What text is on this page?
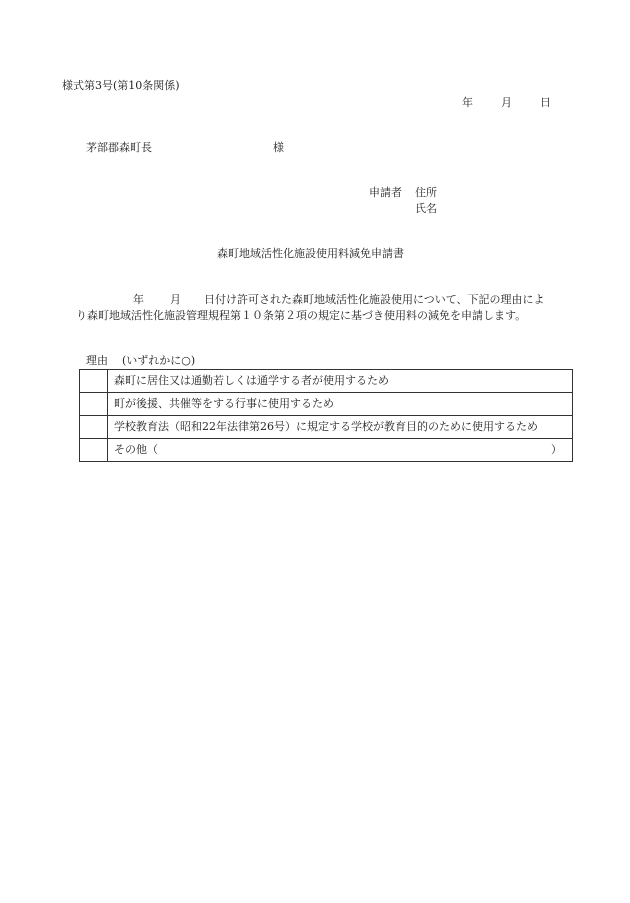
様式第3号(第10条関係)
年	月	日
茅部郡森町長	様
申請者 住所
氏名
森町地域活性化施設使用料減免申請書
年 月 日付け許可された森町地域活性化施設使用について、下記の理由によ
り森町地域活性化施設管理規程第１０条第２項の規定に基づき使用料の減免を申請します。
理由 (いずれかに○)
	森町に居住又は通勤若しくは通学する者が使用するため
	町が後援、共催等をする行事に使用するため
	学校教育法（昭和22年法律第26号）に規定する学校が教育目的のために使用するため
	その他（ ）
